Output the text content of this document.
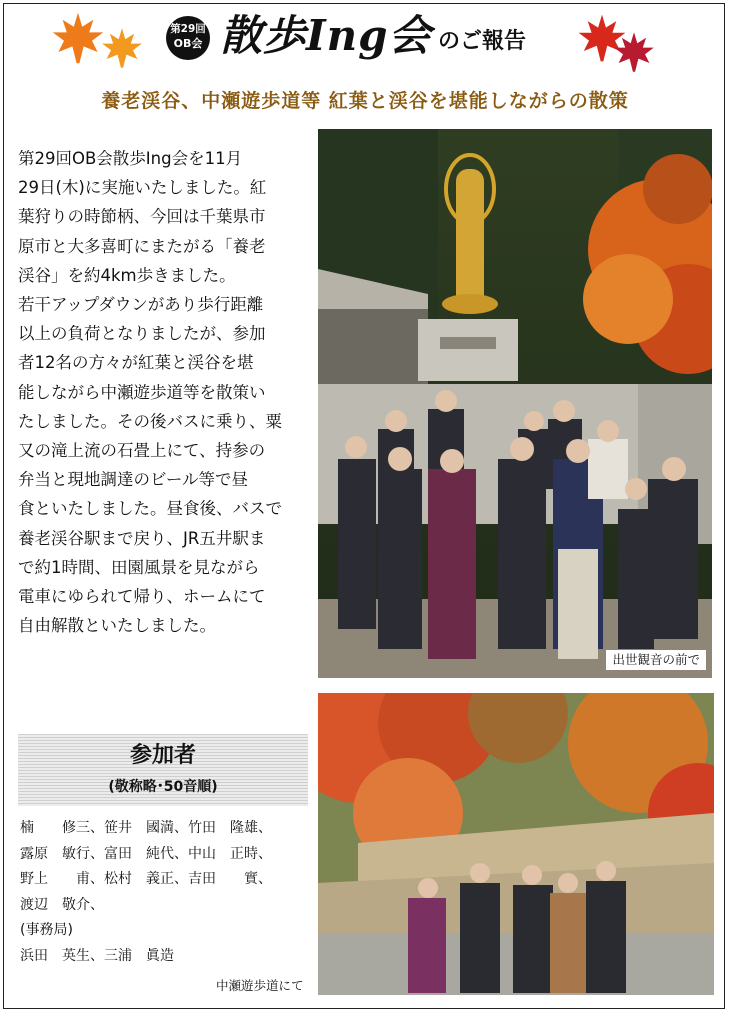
第29回
OB会 散歩Ing会 のご報告
養老渓谷、中瀬遊歩道等 紅葉と渓谷を堪能しながらの散策

第29回OB会散歩Ing会を11月

29日(木)に実施いたしました。紅

葉狩りの時節柄、今回は千葉県市

原市と大多喜町にまたがる「養老

渓谷」を約4km歩きました。

若干アップダウンがあり歩行距離

以上の負荷となりましたが、参加

者12名の方々が紅葉と渓谷を堪

能しながら中瀬遊歩道等を散策い

たしました。その後バスに乗り、粟

又の滝上流の石畳上にて、持参の

弁当と現地調達のビール等で昼

食といたしました。昼食後、バスで

養老渓谷駅まで戻り、JR五井駅ま

で約1時間、田園風景を見ながら

電車にゆられて帰り、ホームにて

自由解散といたしました。

参加者
(敬称略･50音順)
楠　　修三、笹井　國満、竹田　隆雄、
露原　敏行、富田　純代、中山　正時、
野上　　甫、松村　義正、吉田　　實、
渡辺　敬介、
(事務局)
浜田　英生、三浦　眞造
出世観音の前で
中瀬遊歩道にて
